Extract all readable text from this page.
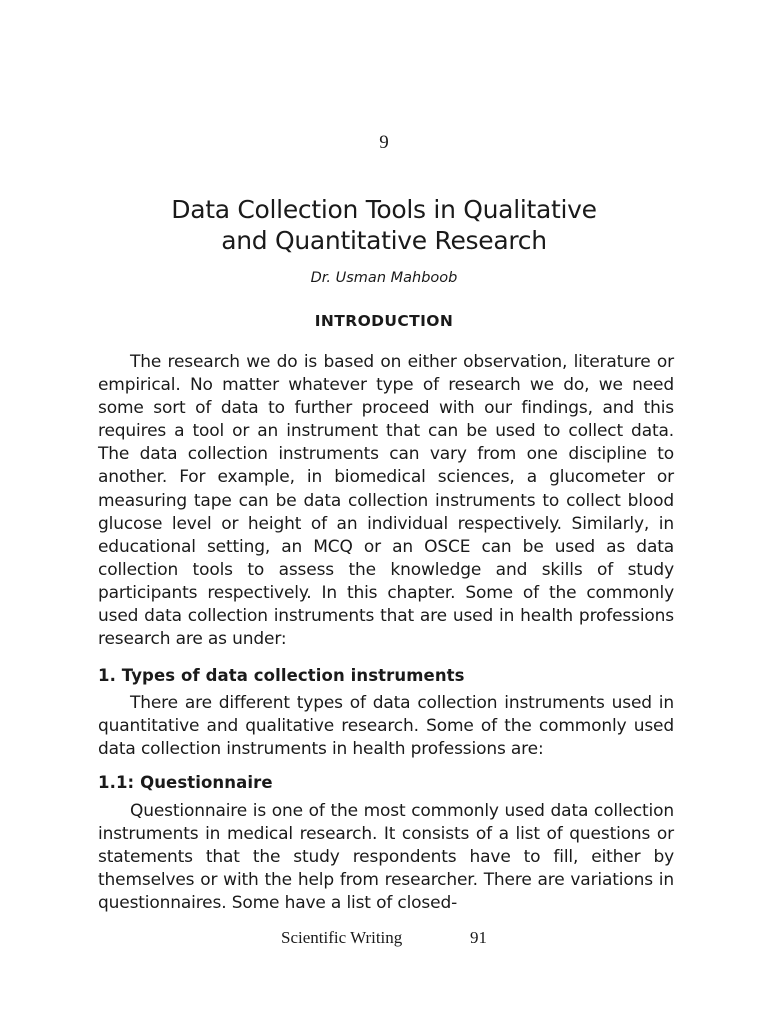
9
Data Collection Tools in Qualitative
and Quantitative Research
Dr. Usman Mahboob
INTRODUCTION

The research we do is based on either observation, literature or empirical. No matter whatever type of research we do, we need some sort of data to further proceed with our findings, and this requires a tool or an instrument that can be used to collect data. The data collection instruments can vary from one discipline to another. For example, in biomedical sciences, a glucometer or measuring tape can be data collection instruments to collect blood glucose level or height of an individual respectively. Similarly, in educational setting, an MCQ or an OSCE can be used as data collection tools to assess the knowledge and skills of study participants respectively. In this chapter. Some of the commonly used data collection instruments that are used in health professions research are as under:

1. Types of data collection instruments

There are different types of data collection instruments used in quantitative and qualitative research. Some of the commonly used data collection instruments in health professions are:

1.1: Questionnaire

Questionnaire is one of the most commonly used data collection instruments in medical research. It consists of a list of questions or statements that the study respondents have to fill, either by themselves or with the help from researcher. There are variations in questionnaires. Some have a list of closed-

Scientific Writing	91
